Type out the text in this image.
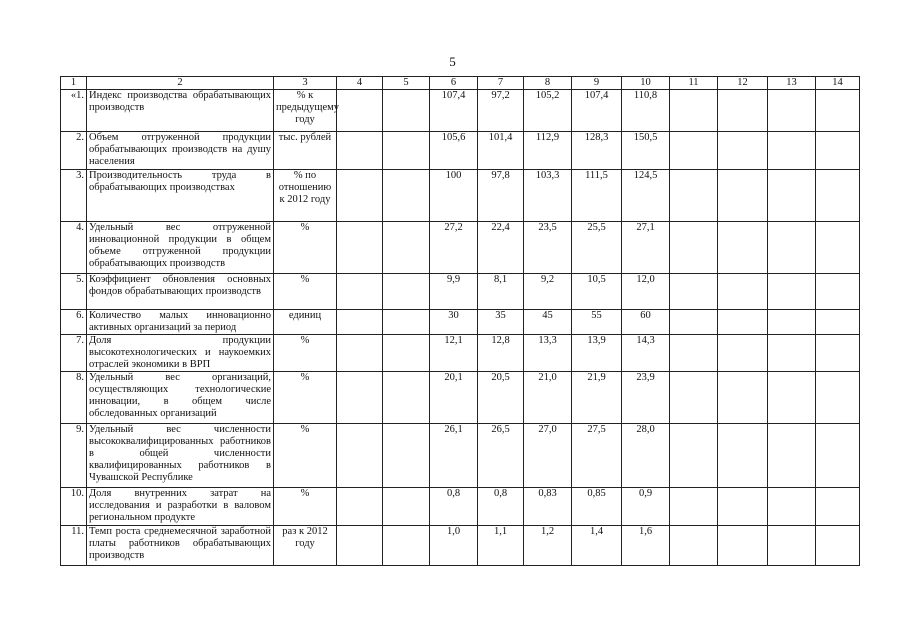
5
1	2	3	4	5	6	7	8	9	10	11	12	13	14
«1.	Индекс производства обрабатывающих производств	% к предыдущему году			107,4	97,2	105,2	107,4	110,8				
2.	Объем отгруженной продукции обрабатывающих производств на душу населения	тыс. рублей			105,6	101,4	112,9	128,3	150,5				
3.	Производительность труда в обрабатывающих производствах	% по отношению к 2012 году			100	97,8	103,3	111,5	124,5				
4.	Удельный вес отгруженной инновационной продукции в общем объеме отгруженной продукции обрабатывающих производств	%			27,2	22,4	23,5	25,5	27,1				
5.	Коэффициент обновления основных фондов обрабатывающих производств	%			9,9	8,1	9,2	10,5	12,0				
6.	Количество малых инновационно активных организаций за период	единиц			30	35	45	55	60				
7.	Доля продукции высокотехнологических и наукоемких отраслей экономики в ВРП	%			12,1	12,8	13,3	13,9	14,3				
8.	Удельный вес организаций, осуществляющих технологические инновации, в общем числе обследованных организаций	%			20,1	20,5	21,0	21,9	23,9				
9.	Удельный вес численности высококвалифицированных работников в общей численности квалифицированных работников в Чувашской Республике	%			26,1	26,5	27,0	27,5	28,0				
10.	Доля внутренних затрат на исследования и разработки в валовом региональном продукте	%			0,8	0,8	0,83	0,85	0,9				
11.	Темп роста среднемесячной заработной платы работников обрабатывающих производств	раз к 2012 году			1,0	1,1	1,2	1,4	1,6				
